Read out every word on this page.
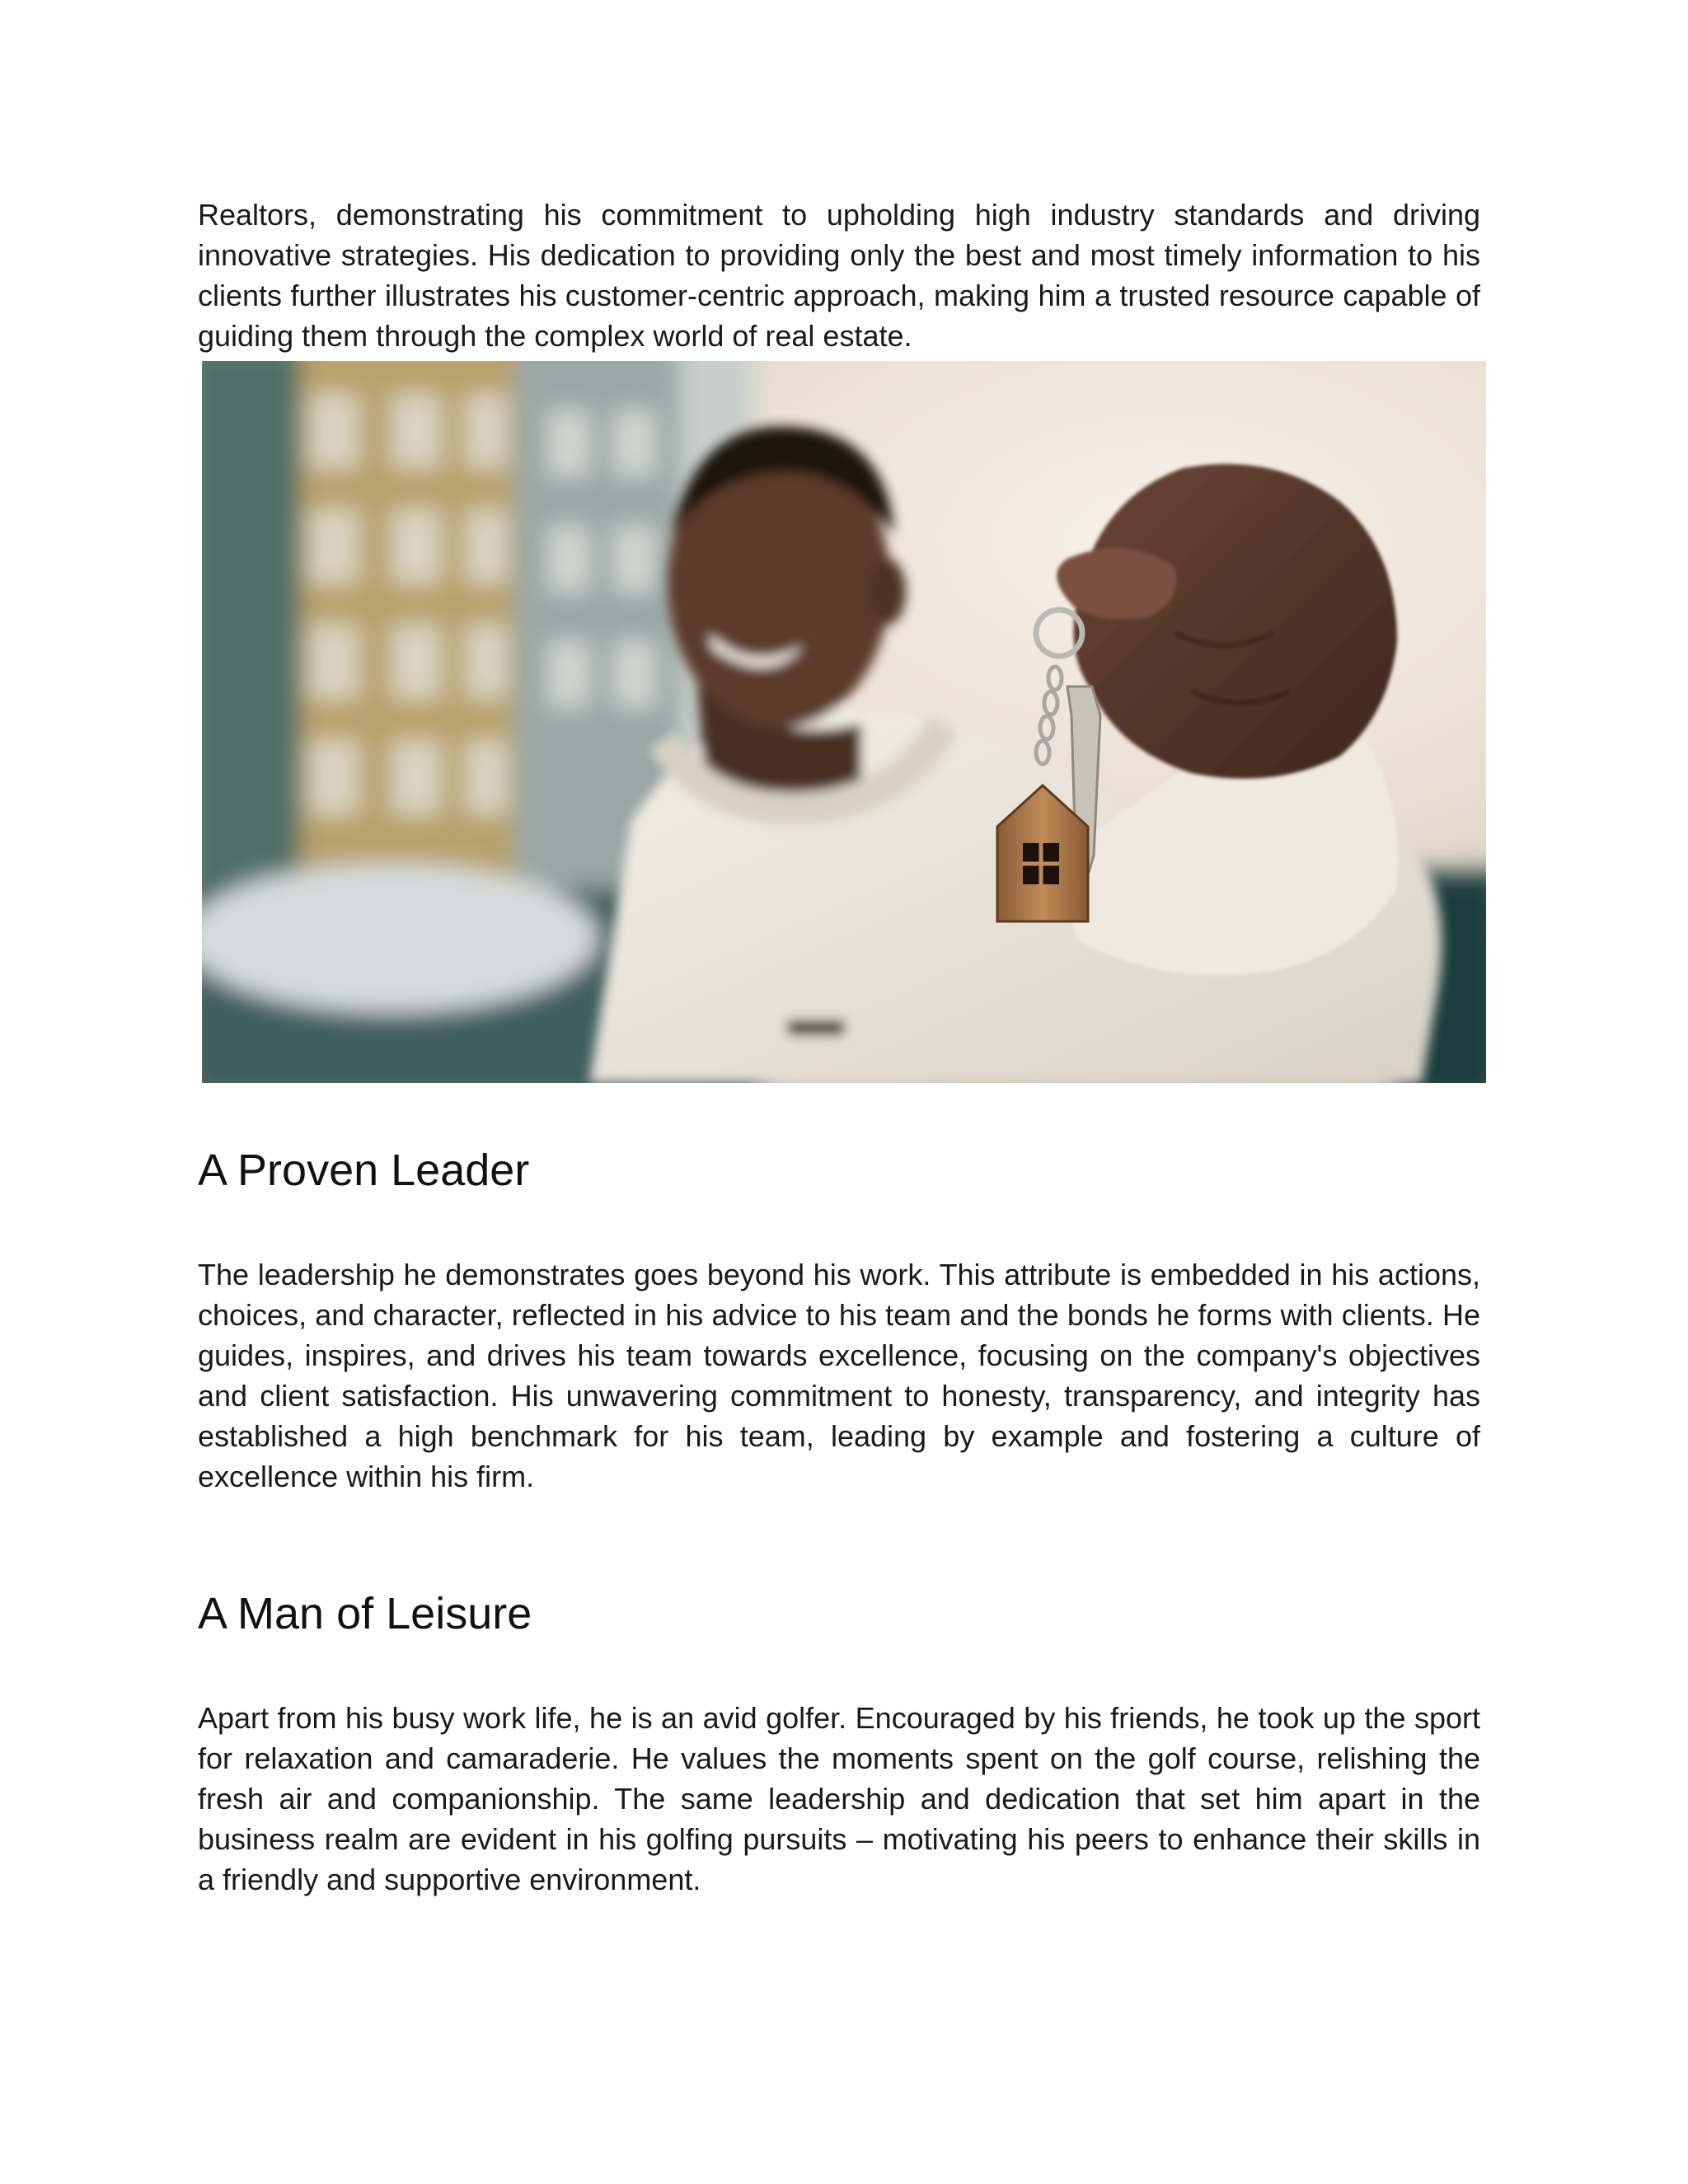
Realtors, demonstrating his commitment to upholding high industry standards and driving innovative strategies. His dedication to providing only the best and most timely information to his clients further illustrates his customer-centric approach, making him a trusted resource capable of guiding them through the complex world of real estate.

A Proven Leader

The leadership he demonstrates goes beyond his work. This attribute is embedded in his actions, choices, and character, reflected in his advice to his team and the bonds he forms with clients. He guides, inspires, and drives his team towards excellence, focusing on the company's objectives and client satisfaction. His unwavering commitment to honesty, transparency, and integrity has established a high benchmark for his team, leading by example and fostering a culture of excellence within his firm.

A Man of Leisure

Apart from his busy work life, he is an avid golfer. Encouraged by his friends, he took up the sport for relaxation and camaraderie. He values the moments spent on the golf course, relishing the fresh air and companionship. The same leadership and dedication that set him apart in the business realm are evident in his golfing pursuits – motivating his peers to enhance their skills in a friendly and supportive environment.
